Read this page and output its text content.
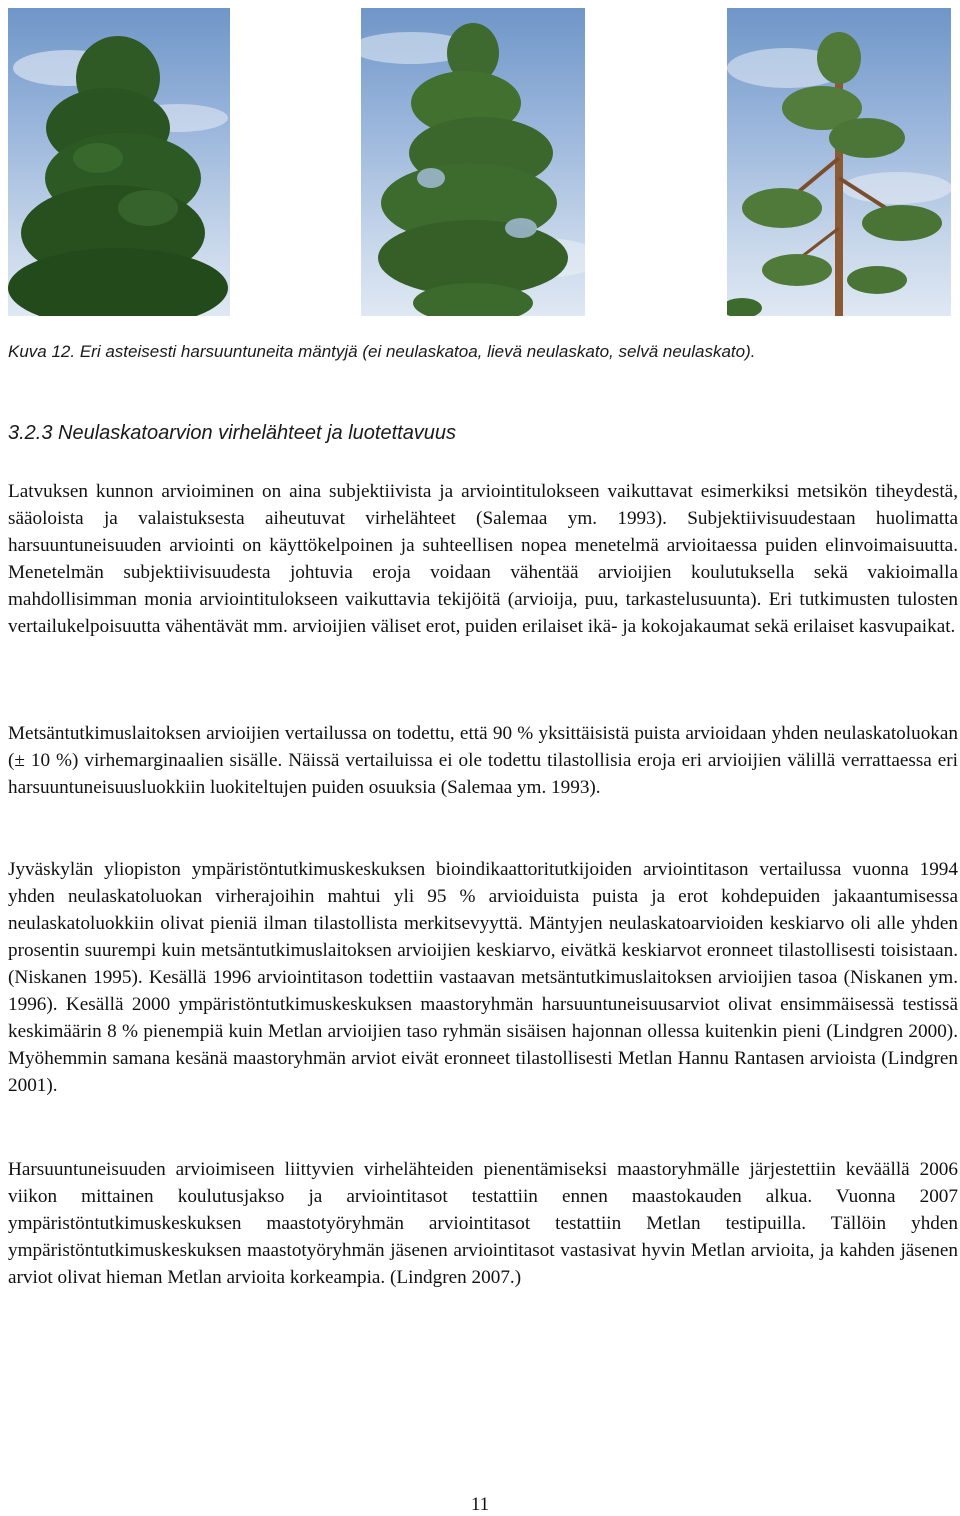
Kuva 12. Eri asteisesti harsuuntuneita mäntyjä (ei neulaskatoa, lievä neulaskato, selvä neulaskato).

3.2.3 Neulaskatoarvion virhelähteet ja luotettavuus

Latvuksen kunnon arvioiminen on aina subjektiivista ja arviointitulokseen vaikuttavat esimerkiksi metsikön tiheydestä, sääoloista ja valaistuksesta aiheutuvat virhelähteet (Salemaa ym. 1993). Subjektiivisuudestaan huolimatta harsuuntuneisuuden arviointi on käyttökelpoinen ja suhteellisen nopea menetelmä arvioitaessa puiden elinvoimaisuutta. Menetelmän subjektiivisuudesta johtuvia eroja voidaan vähentää arvioijien koulutuksella sekä vakioimalla mahdollisimman monia arviointitulokseen vaikuttavia tekijöitä (arvioija, puu, tarkastelusuunta). Eri tutkimusten tulosten vertailukelpoisuutta vähentävät mm. arvioijien väliset erot, puiden erilaiset ikä- ja kokojakaumat sekä erilaiset kasvupaikat.

Metsäntutkimuslaitoksen arvioijien vertailussa on todettu, että 90 % yksittäisistä puista arvioidaan yhden neulaskatoluokan (± 10 %) virhemarginaalien sisälle. Näissä vertailuissa ei ole todettu tilastollisia eroja eri arvioijien välillä verrattaessa eri harsuuntuneisuusluokkiin luokiteltujen puiden osuuksia (Salemaa ym. 1993).

Jyväskylän yliopiston ympäristöntutkimuskeskuksen bioindikaattoritutkijoiden arviointitason vertailussa vuonna 1994 yhden neulaskatoluokan virherajoihin mahtui yli 95 % arvioiduista puista ja erot kohdepuiden jakaantumisessa neulaskatoluokkiin olivat pieniä ilman tilastollista merkitsevyyttä. Mäntyjen neulaskatoarvioiden keskiarvo oli alle yhden prosentin suurempi kuin metsäntutkimuslaitoksen arvioijien keskiarvo, eivätkä keskiarvot eronneet tilastollisesti toisistaan. (Niskanen 1995). Kesällä 1996 arviointitason todettiin vastaavan metsäntutkimuslaitoksen arvioijien tasoa (Niskanen ym. 1996). Kesällä 2000 ympäristöntutkimuskeskuksen maastoryhmän harsuuntuneisuusarviot olivat ensimmäisessä testissä keskimäärin 8 % pienempiä kuin Metlan arvioijien taso ryhmän sisäisen hajonnan ollessa kuitenkin pieni (Lindgren 2000). Myöhemmin samana kesänä maastoryhmän arviot eivät eronneet tilastollisesti Metlan Hannu Rantasen arvioista (Lindgren 2001).

Harsuuntuneisuuden arvioimiseen liittyvien virhelähteiden pienentämiseksi maastoryhmälle järjestettiin keväällä 2006 viikon mittainen koulutusjakso ja arviointitasot testattiin ennen maastokauden alkua. Vuonna 2007 ympäristöntutkimuskeskuksen maastotyöryhmän arviointitasot testattiin Metlan testipuilla. Tällöin yhden ympäristöntutkimuskeskuksen maastotyöryhmän jäsenen arviointitasot vastasivat hyvin Metlan arvioita, ja kahden jäsenen arviot olivat hieman Metlan arvioita korkeampia. (Lindgren 2007.)

11
